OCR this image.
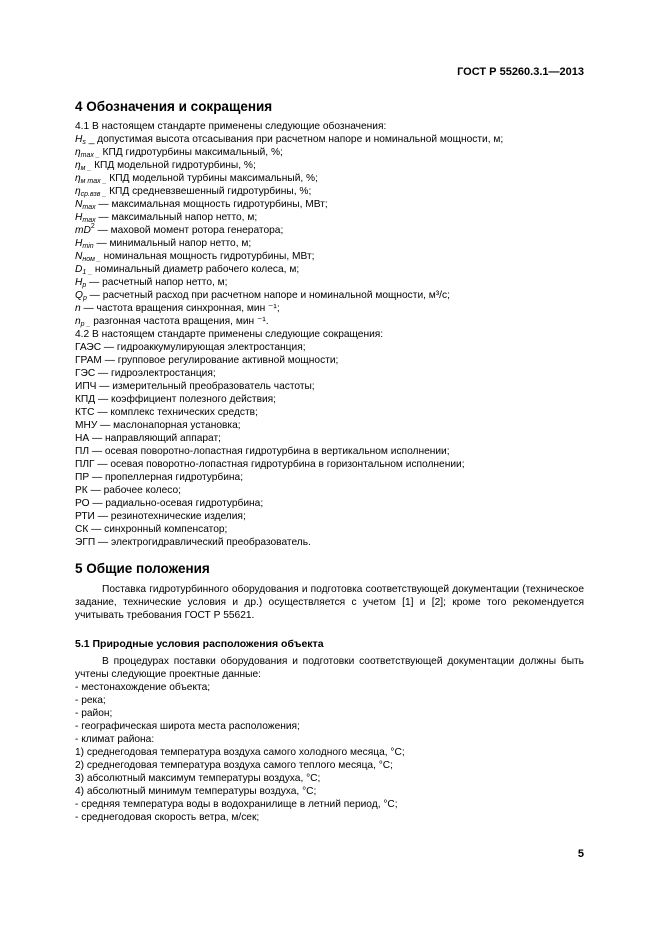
ГОСТ Р 55260.3.1—2013
4 Обозначения и сокращения
4.1 В настоящем стандарте применены следующие обозначения:
$H_s$ _ допустимая высота отсасывания при расчетном напоре и номинальной мощности, м;
$\eta_{max \_}$ КПД гидротурбины максимальный, %;
$\eta_{м \_}$ КПД модельной гидротурбины, %;
$\eta_{м max \_}$ КПД модельной турбины максимальный, %;
$\eta_{ср.взв \_}$ КПД средневзвешенный гидротурбины, %;
$N_{max}$ — максимальная мощность гидротурбины, МВт;
$H_{max}$ — максимальный напор нетто, м;
$mD^2$ — маховой момент ротора генератора;
$H_{min}$ — минимальный напор нетто, м;
$N_{ном \_}$ номинальная мощность гидротурбины, МВт;
$D_{1 \_}$ номинальный диаметр рабочего колеса, м;
$H_p$ — расчетный напор нетто, м;
$Q_p$ — расчетный расход при расчетном напоре и номинальной мощности, м³/с;
n — частота вращения синхронная, мин ⁻¹;
$n_{p \_}$ разгонная частота вращения, мин ⁻¹.
4.2 В настоящем стандарте применены следующие сокращения:
ГАЭС — гидроаккумулирующая электростанция;
ГРАМ — групповое регулирование активной мощности;
ГЭС — гидроэлектростанция;
ИПЧ — измерительный преобразователь частоты;
КПД — коэффициент полезного действия;
КТС — комплекс технических средств;
МНУ — маслонапорная установка;
НА — направляющий аппарат;
ПЛ — осевая поворотно-лопастная гидротурбина в вертикальном исполнении;
ПЛГ — осевая поворотно-лопастная гидротурбина в горизонтальном исполнении;
ПР — пропеллерная гидротурбина;
РК — рабочее колесо;
РО — радиально-осевая гидротурбина;
РТИ — резинотехнические изделия;
СК — синхронный компенсатор;
ЭГП — электрогидравлический преобразователь.
5 Общие положения

Поставка гидротурбинного оборудования и подготовка соответствующей документации (техническое задание, технические условия и др.) осуществляется с учетом [1] и [2]; кроме того рекомендуется учитывать требования ГОСТ Р 55621.

5.1 Природные условия расположения объекта

В процедурах поставки оборудования и подготовки соответствующей документации должны быть учтены следующие проектные данные:

- местонахождение объекта;
- река;
- район;
- географическая широта места расположения;
- климат района:
1) среднегодовая температура воздуха самого холодного месяца, °С;
2) среднегодовая температура воздуха самого теплого месяца, °С;
3) абсолютный максимум температуры воздуха, °С;
4) абсолютный минимум температуры воздуха, °С;
- средняя температура воды в водохранилище в летний период, °С;
- среднегодовая скорость ветра, м/сек;
5
